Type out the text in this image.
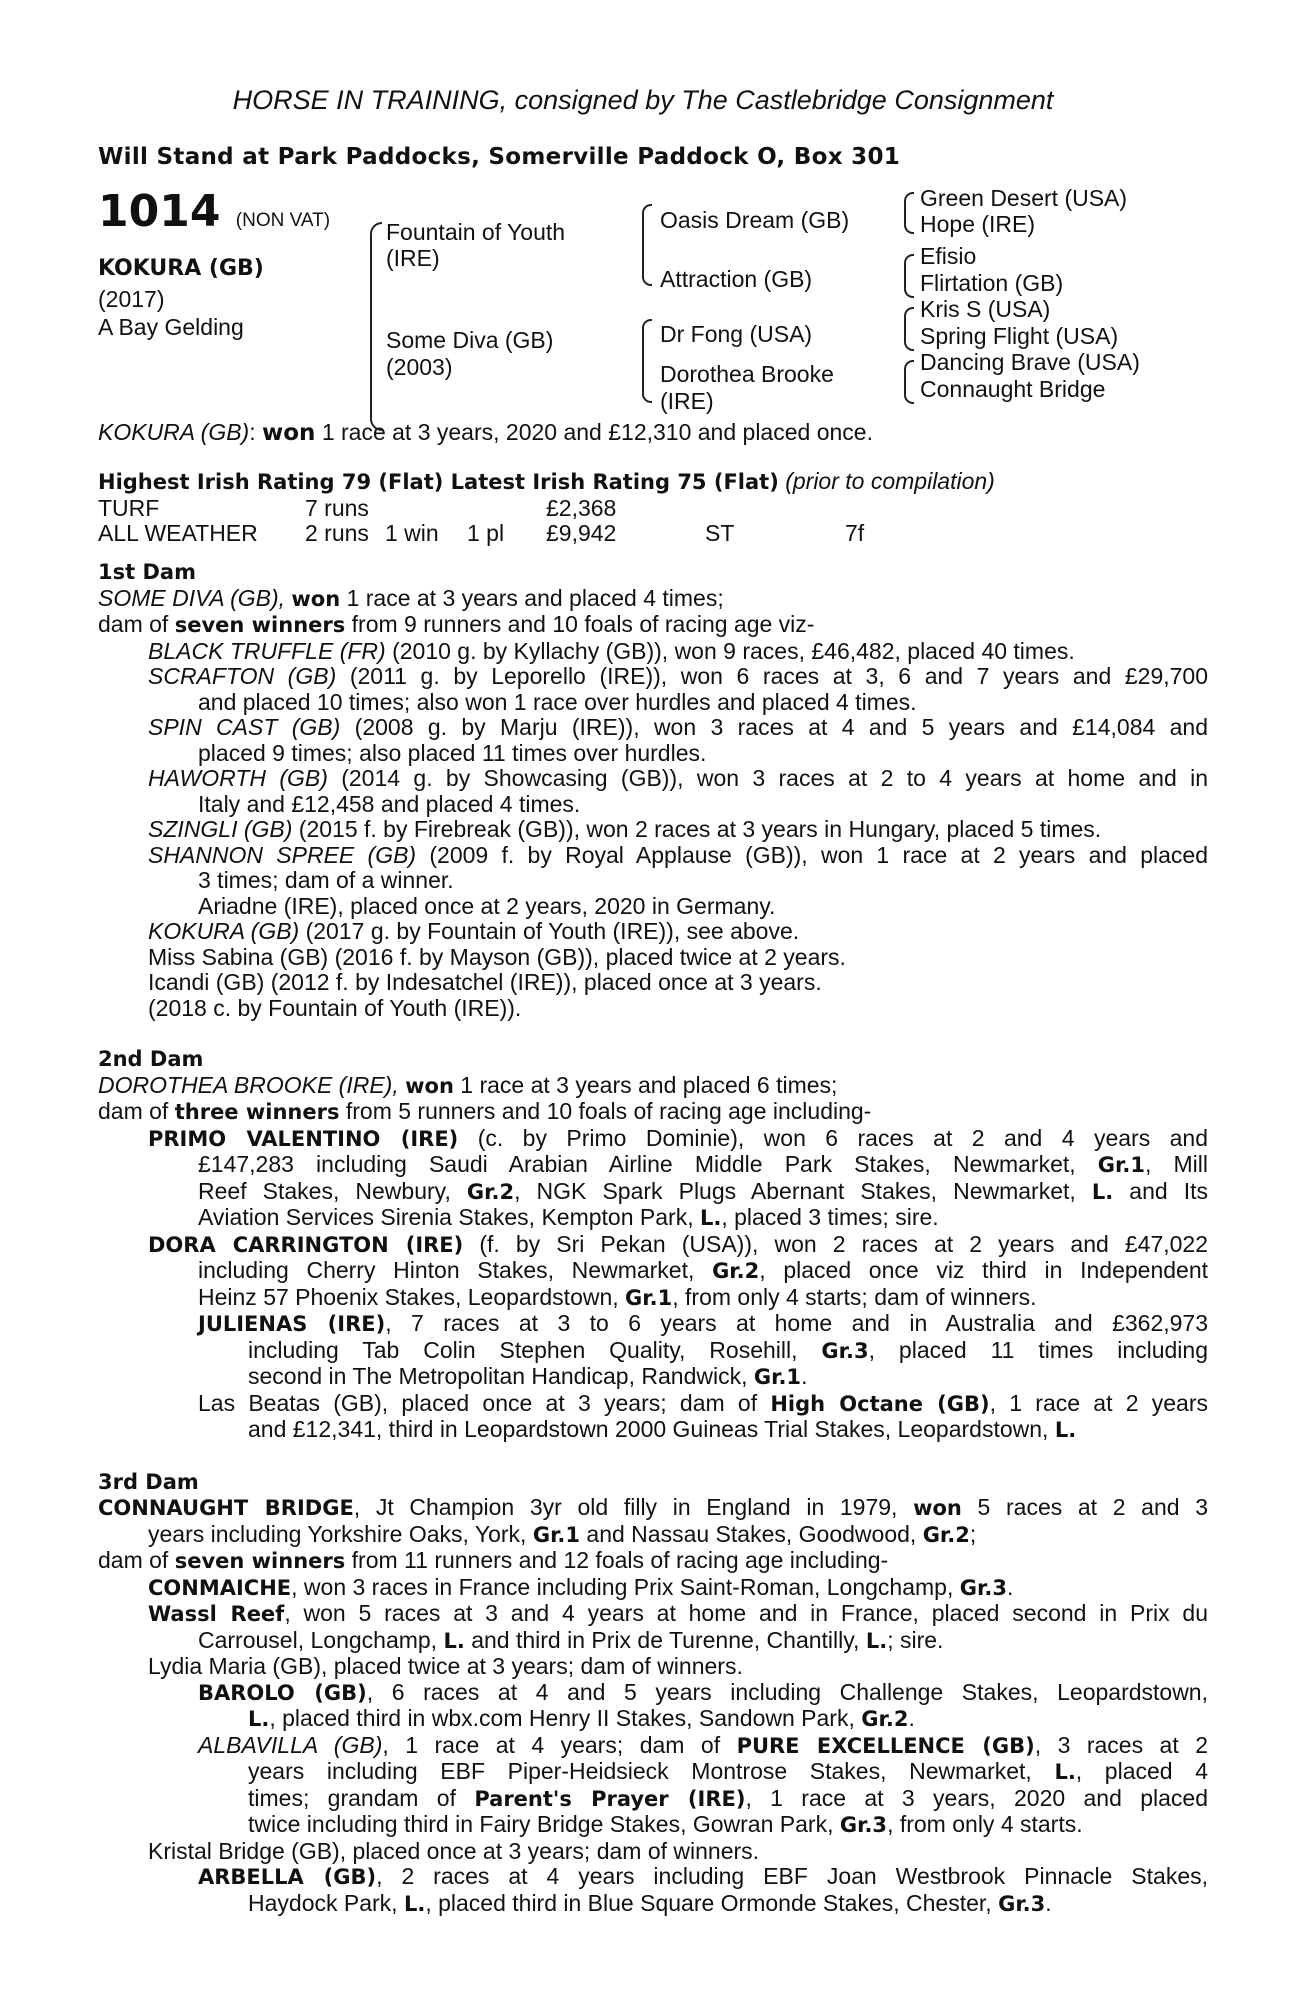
HORSE IN TRAINING, consigned by The Castlebridge Consignment
Will Stand at Park Paddocks, Somerville Paddock O, Box 301
1014 (NON VAT)
KOKURA (GB)
(2017)
A Bay Gelding
Fountain of Youth
(IRE)
Some Diva (GB)
(2003)
Oasis Dream (GB)
Attraction (GB)
Dr Fong (USA)
Dorothea Brooke
(IRE)
Green Desert (USA)
Hope (IRE)
Efisio
Flirtation (GB)
Kris S (USA)
Spring Flight (USA)
Dancing Brave (USA)
Connaught Bridge
KOKURA (GB): won 1 race at 3 years, 2020 and £12,310 and placed once.
Highest Irish Rating 79 (Flat) Latest Irish Rating 75 (Flat) (prior to compilation)
TURF	7 runs	£2,368
ALL WEATHER 2 runs 1 win 1 pl £9,942	ST	7f
1st Dam
SOME DIVA (GB), won 1 race at 3 years and placed 4 times;
dam of seven winners from 9 runners and 10 foals of racing age viz-
BLACK TRUFFLE (FR) (2010 g. by Kyllachy (GB)), won 9 races, £46,482, placed 40 times.
SCRAFTON (GB) (2011 g. by Leporello (IRE)), won 6 races at 3, 6 and 7 years and £29,700
and placed 10 times; also won 1 race over hurdles and placed 4 times.
SPIN CAST (GB) (2008 g. by Marju (IRE)), won 3 races at 4 and 5 years and £14,084 and
placed 9 times; also placed 11 times over hurdles.
HAWORTH (GB) (2014 g. by Showcasing (GB)), won 3 races at 2 to 4 years at home and in
Italy and £12,458 and placed 4 times.
SZINGLI (GB) (2015 f. by Firebreak (GB)), won 2 races at 3 years in Hungary, placed 5 times.
SHANNON SPREE (GB) (2009 f. by Royal Applause (GB)), won 1 race at 2 years and placed
3 times; dam of a winner.
Ariadne (IRE), placed once at 2 years, 2020 in Germany.
KOKURA (GB) (2017 g. by Fountain of Youth (IRE)), see above.
Miss Sabina (GB) (2016 f. by Mayson (GB)), placed twice at 2 years.
Icandi (GB) (2012 f. by Indesatchel (IRE)), placed once at 3 years.
(2018 c. by Fountain of Youth (IRE)).
2nd Dam
DOROTHEA BROOKE (IRE), won 1 race at 3 years and placed 6 times;
dam of three winners from 5 runners and 10 foals of racing age including-
PRIMO VALENTINO (IRE) (c. by Primo Dominie), won 6 races at 2 and 4 years and
£147,283 including Saudi Arabian Airline Middle Park Stakes, Newmarket, Gr.1, Mill
Reef Stakes, Newbury, Gr.2, NGK Spark Plugs Abernant Stakes, Newmarket, L. and Its
Aviation Services Sirenia Stakes, Kempton Park, L., placed 3 times; sire.
DORA CARRINGTON (IRE) (f. by Sri Pekan (USA)), won 2 races at 2 years and £47,022
including Cherry Hinton Stakes, Newmarket, Gr.2, placed once viz third in Independent
Heinz 57 Phoenix Stakes, Leopardstown, Gr.1, from only 4 starts; dam of winners.
JULIENAS (IRE), 7 races at 3 to 6 years at home and in Australia and £362,973
including Tab Colin Stephen Quality, Rosehill, Gr.3, placed 11 times including
second in The Metropolitan Handicap, Randwick, Gr.1.
Las Beatas (GB), placed once at 3 years; dam of High Octane (GB), 1 race at 2 years
and £12,341, third in Leopardstown 2000 Guineas Trial Stakes, Leopardstown, L.
3rd Dam
CONNAUGHT BRIDGE, Jt Champion 3yr old filly in England in 1979, won 5 races at 2 and 3
years including Yorkshire Oaks, York, Gr.1 and Nassau Stakes, Goodwood, Gr.2;
dam of seven winners from 11 runners and 12 foals of racing age including-
CONMAICHE, won 3 races in France including Prix Saint-Roman, Longchamp, Gr.3.
Wassl Reef, won 5 races at 3 and 4 years at home and in France, placed second in Prix du
Carrousel, Longchamp, L. and third in Prix de Turenne, Chantilly, L.; sire.
Lydia Maria (GB), placed twice at 3 years; dam of winners.
BAROLO (GB), 6 races at 4 and 5 years including Challenge Stakes, Leopardstown,
L., placed third in wbx.com Henry II Stakes, Sandown Park, Gr.2.
ALBAVILLA (GB), 1 race at 4 years; dam of PURE EXCELLENCE (GB), 3 races at 2
years including EBF Piper-Heidsieck Montrose Stakes, Newmarket, L., placed 4
times; grandam of Parent's Prayer (IRE), 1 race at 3 years, 2020 and placed
twice including third in Fairy Bridge Stakes, Gowran Park, Gr.3, from only 4 starts.
Kristal Bridge (GB), placed once at 3 years; dam of winners.
ARBELLA (GB), 2 races at 4 years including EBF Joan Westbrook Pinnacle Stakes,
Haydock Park, L., placed third in Blue Square Ormonde Stakes, Chester, Gr.3.
